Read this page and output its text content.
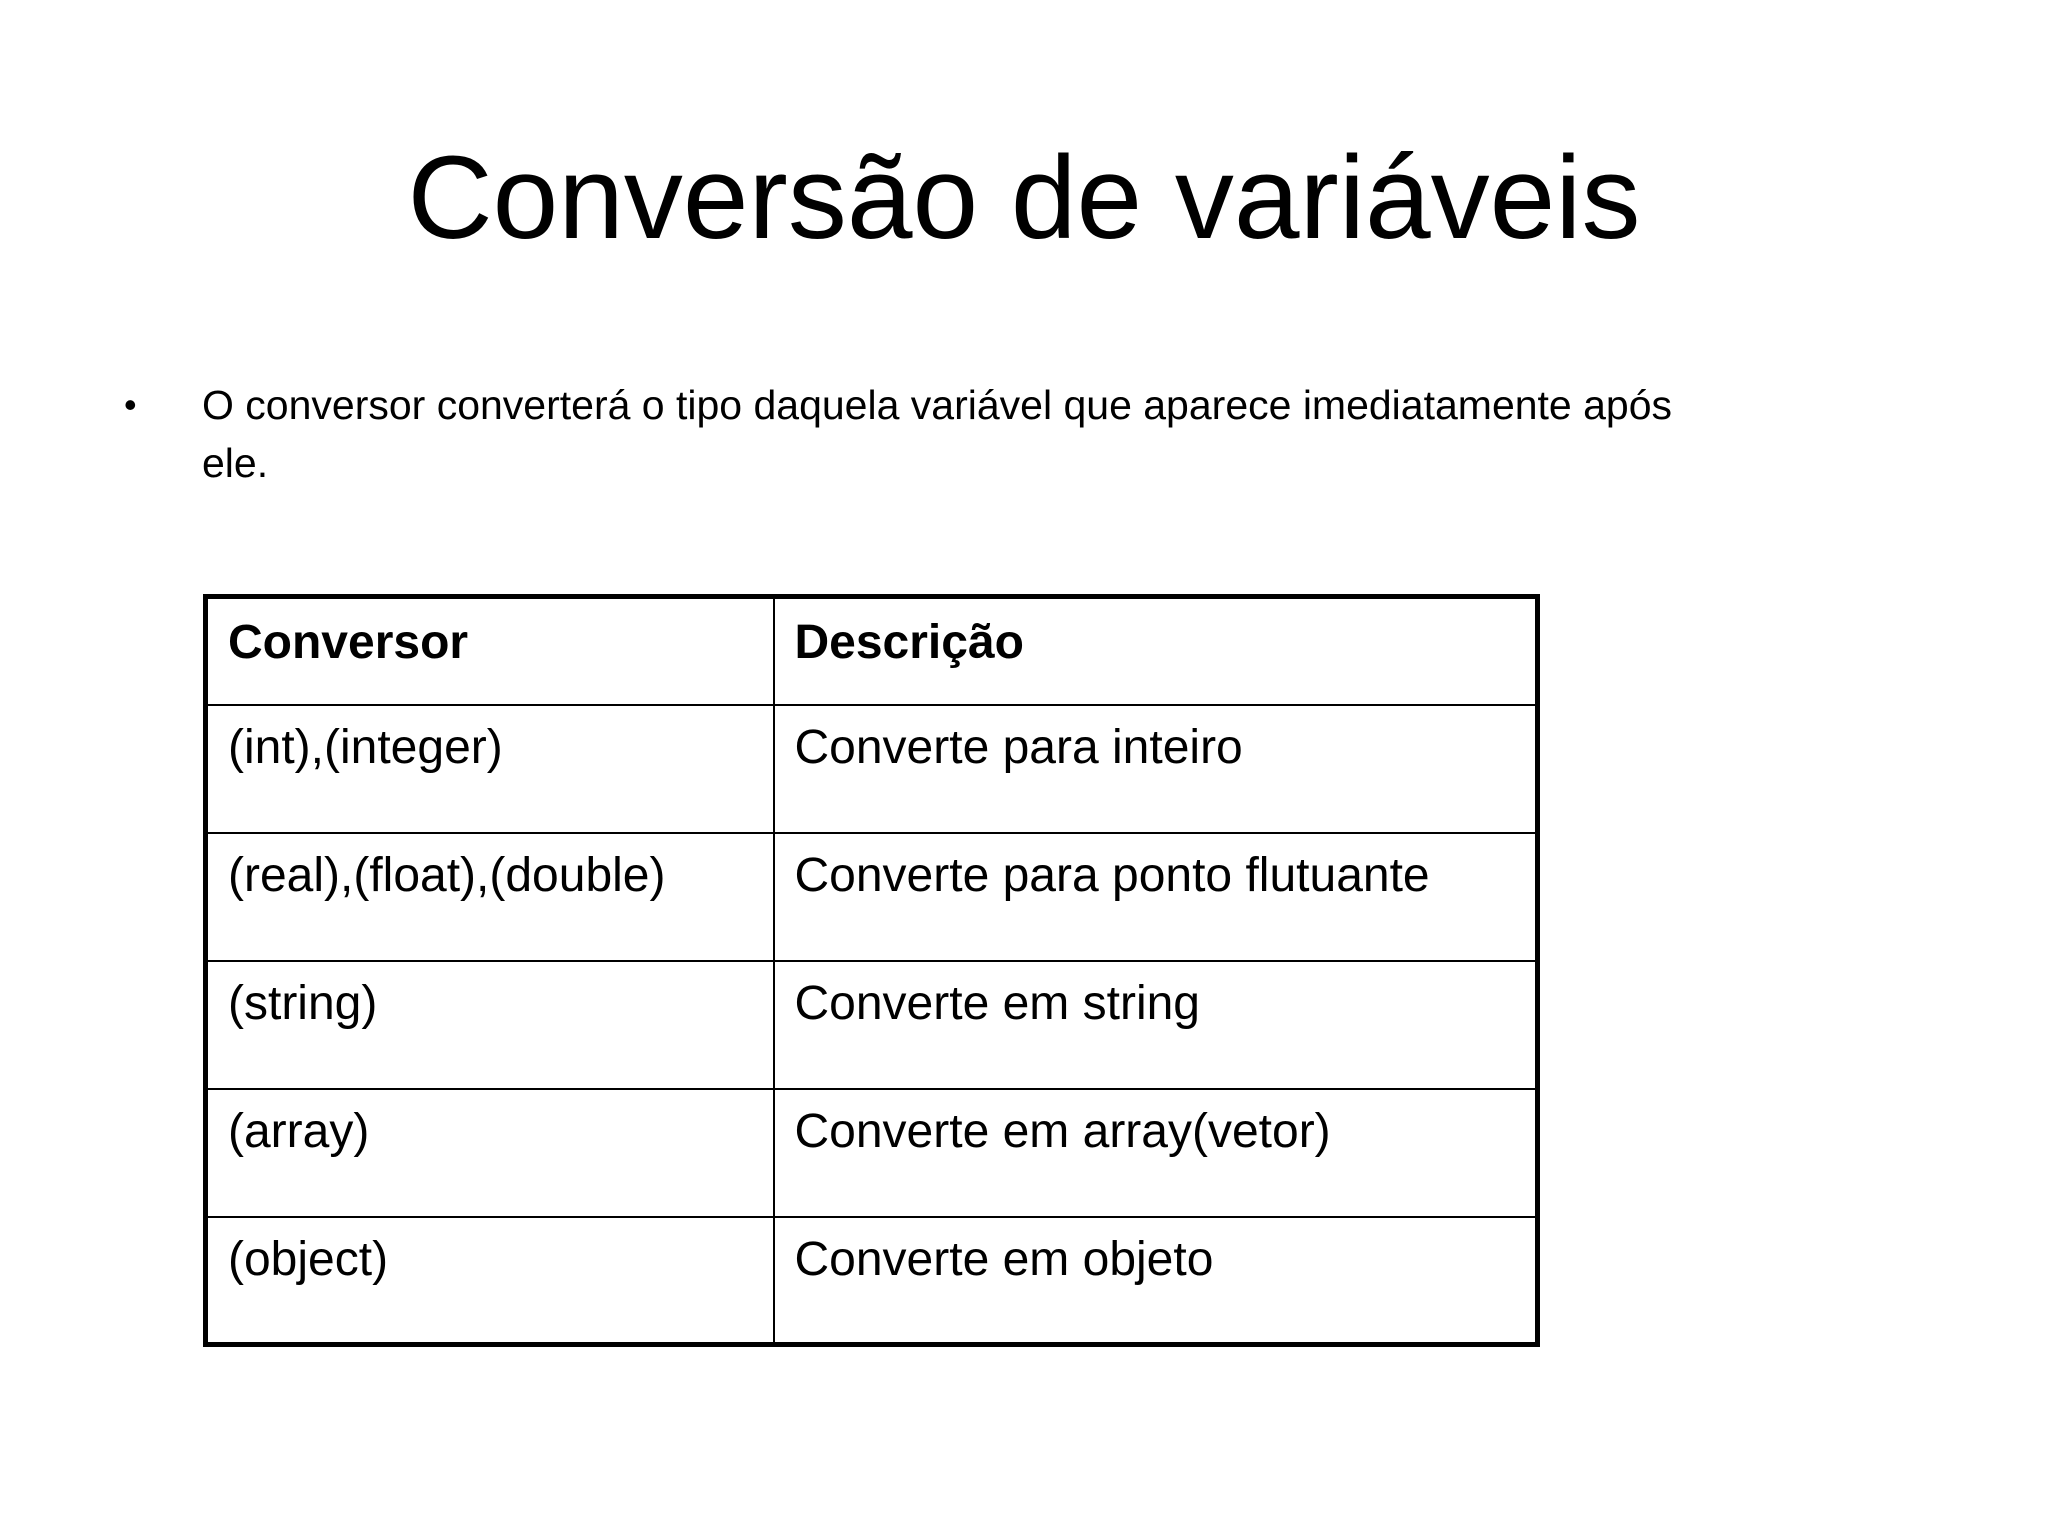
Conversão de variáveis
• O conversor converterá o tipo daquela variável que aparece imediatamente após ele.
Conversor	Descrição
(int),(integer)	Converte para inteiro
(real),(float),(double)	Converte para ponto flutuante
(string)	Converte em string
(array)	Converte em array(vetor)
(object)	Converte em objeto
